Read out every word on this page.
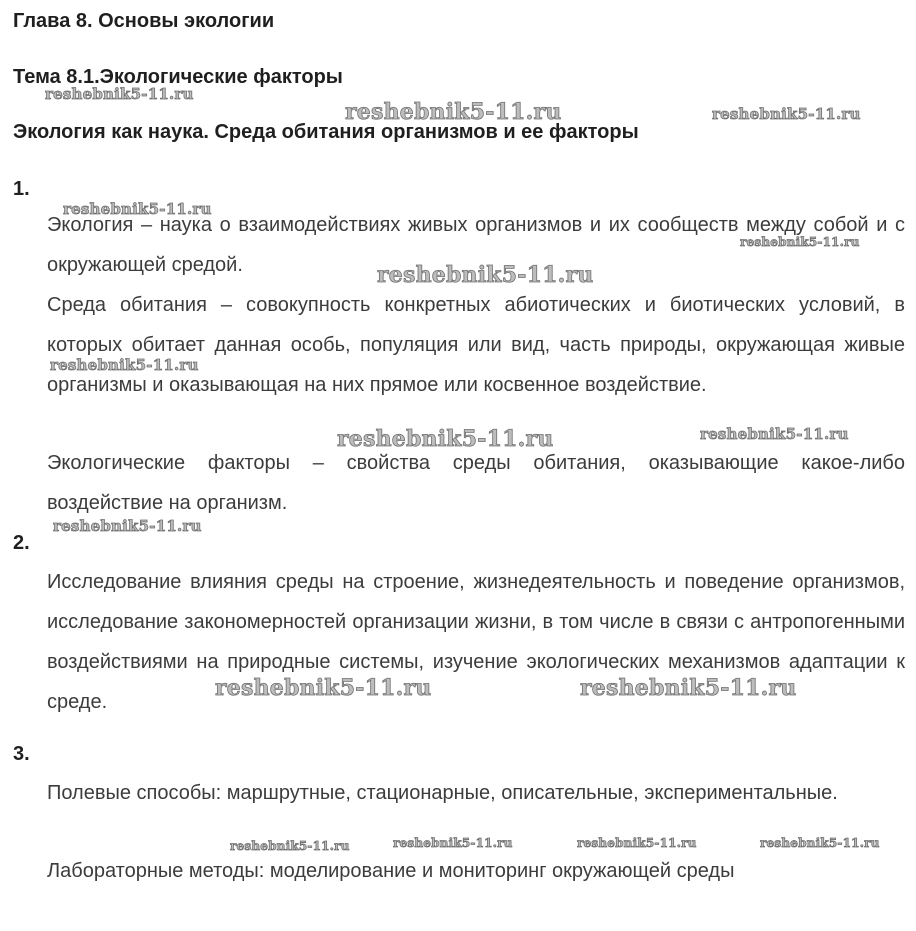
Глава 8. Основы экологии
Тема 8.1.Экологические факторы
Экология как наука. Среда обитания организмов и ее факторы
1.

Экология – наука о взаимодействиях живых организмов и их сообществ между собой и с окружающей средой.

Среда обитания – совокупность конкретных абиотических и биотических условий, в которых обитает данная особь, популяция или вид, часть природы, окружающая живые организмы и оказывающая на них прямое или косвенное воздействие.

Экологические факторы – свойства среды обитания, оказывающие какое-либо воздействие на организм.

2.

Исследование влияния среды на строение, жизнедеятельность и поведение организмов, исследование закономерностей организации жизни, в том числе в связи с антропогенными воздействиями на природные системы, изучение экологических механизмов адаптации к среде.

3.

Полевые способы: маршрутные, стационарные, описательные, экспериментальные.

Лабораторные методы: моделирование и мониторинг окружающей среды

reshebnik5-11.ru
reshebnik5-11.ru	reshebnik5-11.ru
reshebnik5-11.ru
reshebnik5-11.ru
reshebnik5-11.ru
reshebnik5-11.ru
reshebnik5-11.ru	reshebnik5-11.ru
reshebnik5-11.ru
reshebnik5-11.ru	reshebnik5-11.ru
reshebnik5-11.ru	reshebnik5-11.ru	reshebnik5-11.ru	reshebnik5-11.ru
